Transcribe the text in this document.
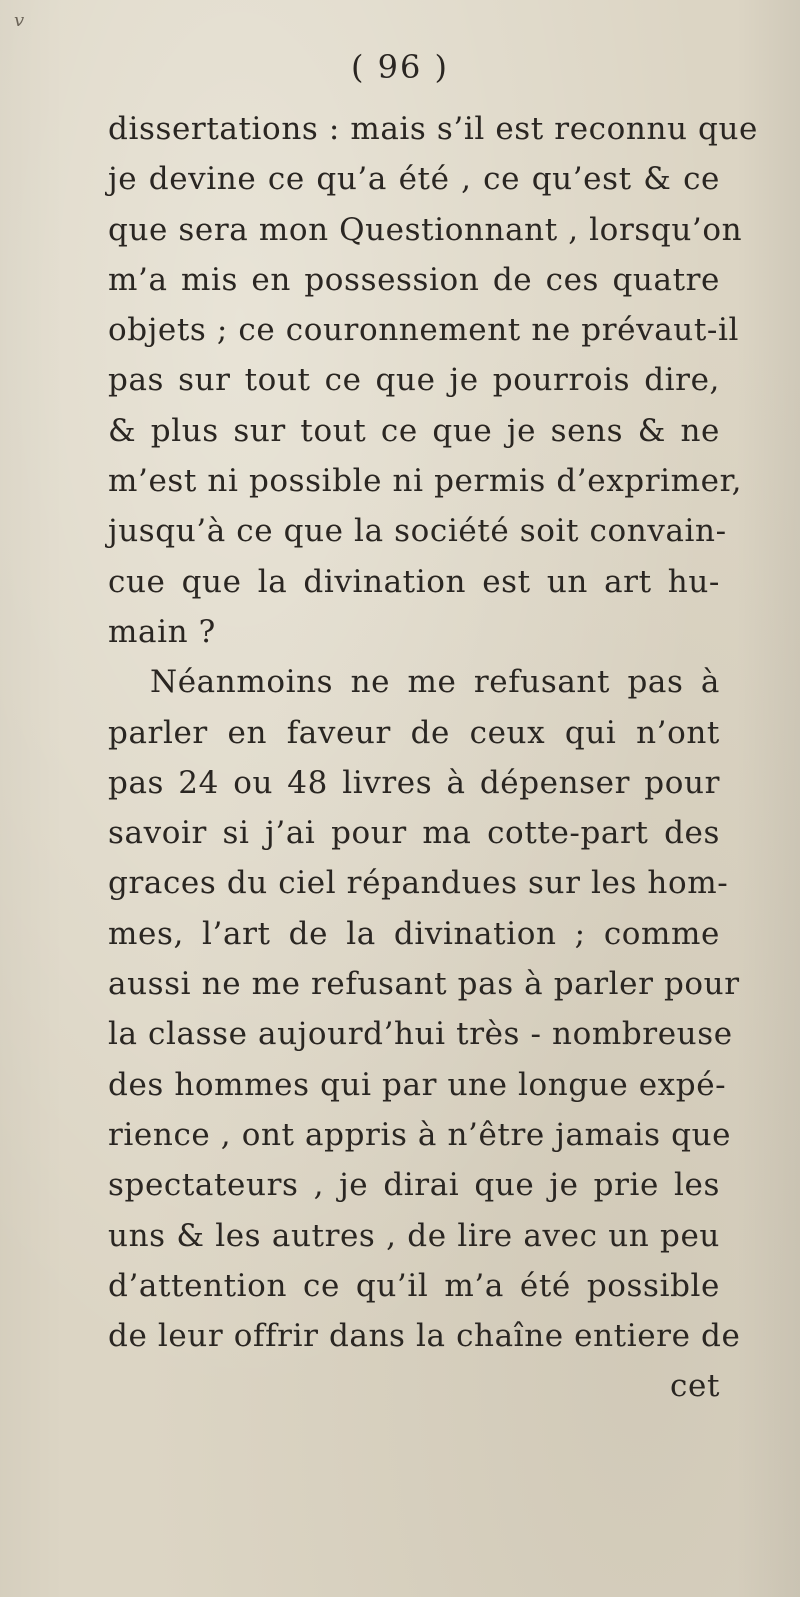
v
( 96 )
dissertations : mais s’il est reconnu que
je devine ce qu’a été , ce qu’est & ce
que sera mon Questionnant , lorsqu’on
m’a mis en possession de ces quatre
objets ; ce couronnement ne prévaut-il
pas sur tout ce que je pourrois dire,
& plus sur tout ce que je sens & ne
m’est ni possible ni permis d’exprimer,
jusqu’à ce que la société soit convain-
cue que la divination est un art hu-
main ?
Néanmoins ne me refusant pas à
parler en faveur de ceux qui n’ont
pas 24 ou 48 livres à dépenser pour
savoir si j’ai pour ma cotte-part des
graces du ciel répandues sur les hom-
mes, l’art de la divination ; comme
aussi ne me refusant pas à parler pour
la classe aujourd’hui très - nombreuse
des hommes qui par une longue expé-
rience , ont appris à n’être jamais que
spectateurs , je dirai que je prie les
uns & les autres , de lire avec un peu
d’attention ce qu’il m’a été possible
de leur offrir dans la chaîne entiere de
cet
